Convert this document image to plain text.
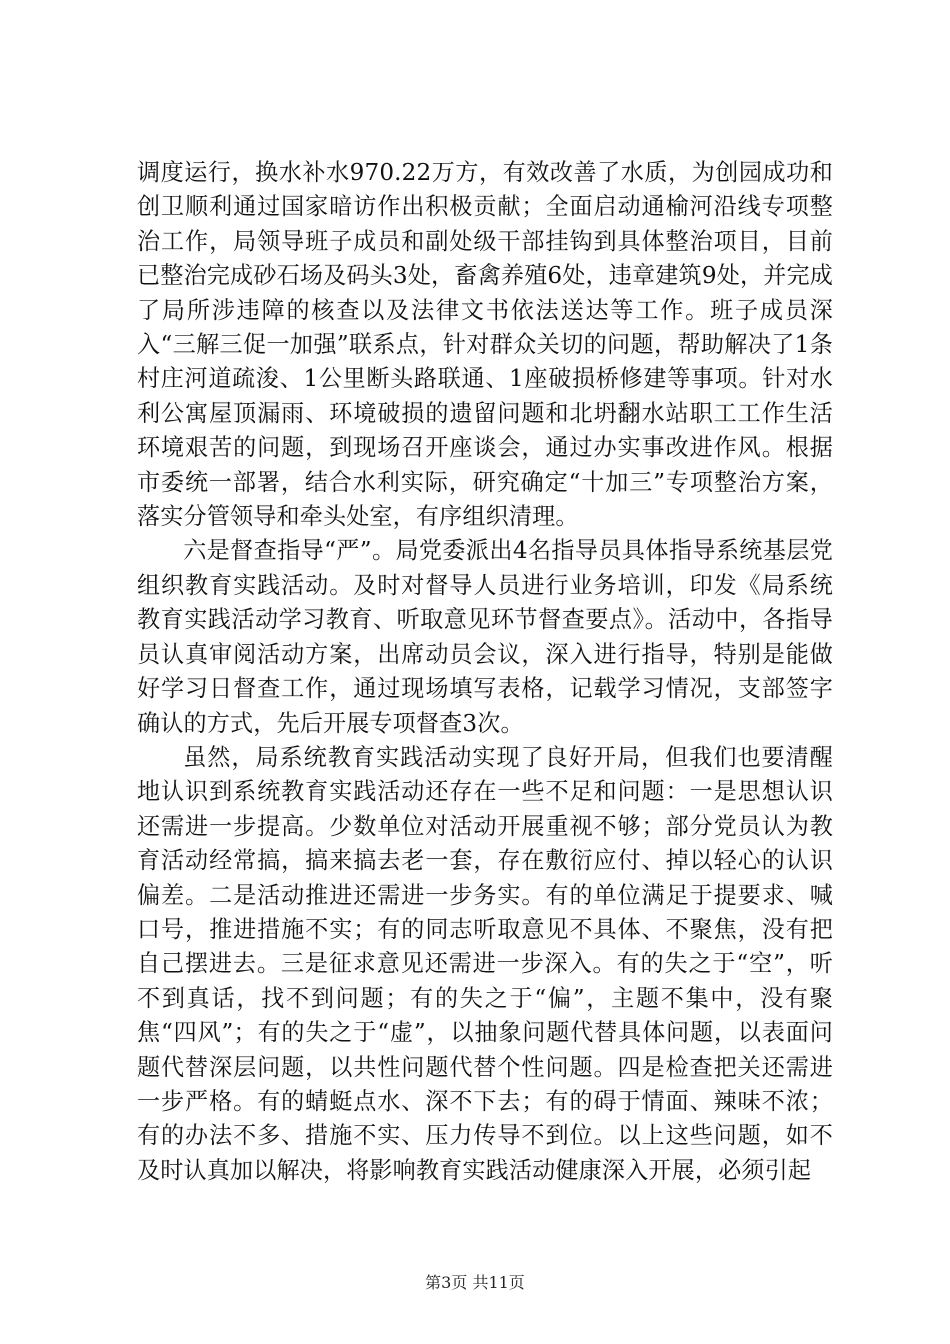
调度运行，换水补水970.22万方，有效改善了水质，为创园成功和创卫顺利通过国家暗访作出积极贡献；全面启动通榆河沿线专项整治工作，局领导班子成员和副处级干部挂钩到具体整治项目，目前已整治完成砂石场及码头3处，畜禽养殖6处，违章建筑9处，并完成了局所涉违障的核查以及法律文书依法送达等工作。班子成员深入“三解三促一加强”联系点，针对群众关切的问题，帮助解决了1条村庄河道疏浚、1公里断头路联通、1座破损桥修建等事项。针对水利公寓屋顶漏雨、环境破损的遗留问题和北坍翻水站职工工作生活环境艰苦的问题，到现场召开座谈会，通过办实事改进作风。根据市委统一部署，结合水利实际，研究确定“十加三”专项整治方案，落实分管领导和牵头处室，有序组织清理。

六是督查指导“严”。局党委派出4名指导员具体指导系统基层党组织教育实践活动。及时对督导人员进行业务培训，印发《局系统教育实践活动学习教育、听取意见环节督查要点》。活动中，各指导员认真审阅活动方案，出席动员会议，深入进行指导，特别是能做好学习日督查工作，通过现场填写表格，记载学习情况，支部签字确认的方式，先后开展专项督查3次。

虽然，局系统教育实践活动实现了良好开局，但我们也要清醒地认识到系统教育实践活动还存在一些不足和问题：一是思想认识还需进一步提高。少数单位对活动开展重视不够；部分党员认为教育活动经常搞，搞来搞去老一套，存在敷衍应付、掉以轻心的认识偏差。二是活动推进还需进一步务实。有的单位满足于提要求、喊口号，推进措施不实；有的同志听取意见不具体、不聚焦，没有把自己摆进去。三是征求意见还需进一步深入。有的失之于“空”，听不到真话，找不到问题；有的失之于“偏”，主题不集中，没有聚焦“四风”；有的失之于“虚”，以抽象问题代替具体问题，以表面问题代替深层问题，以共性问题代替个性问题。四是检查把关还需进一步严格。有的蜻蜓点水、深不下去；有的碍于情面、辣味不浓；有的办法不多、措施不实、压力传导不到位。以上这些问题，如不及时认真加以解决，将影响教育实践活动健康深入开展，必须引起

第3页 共11页
